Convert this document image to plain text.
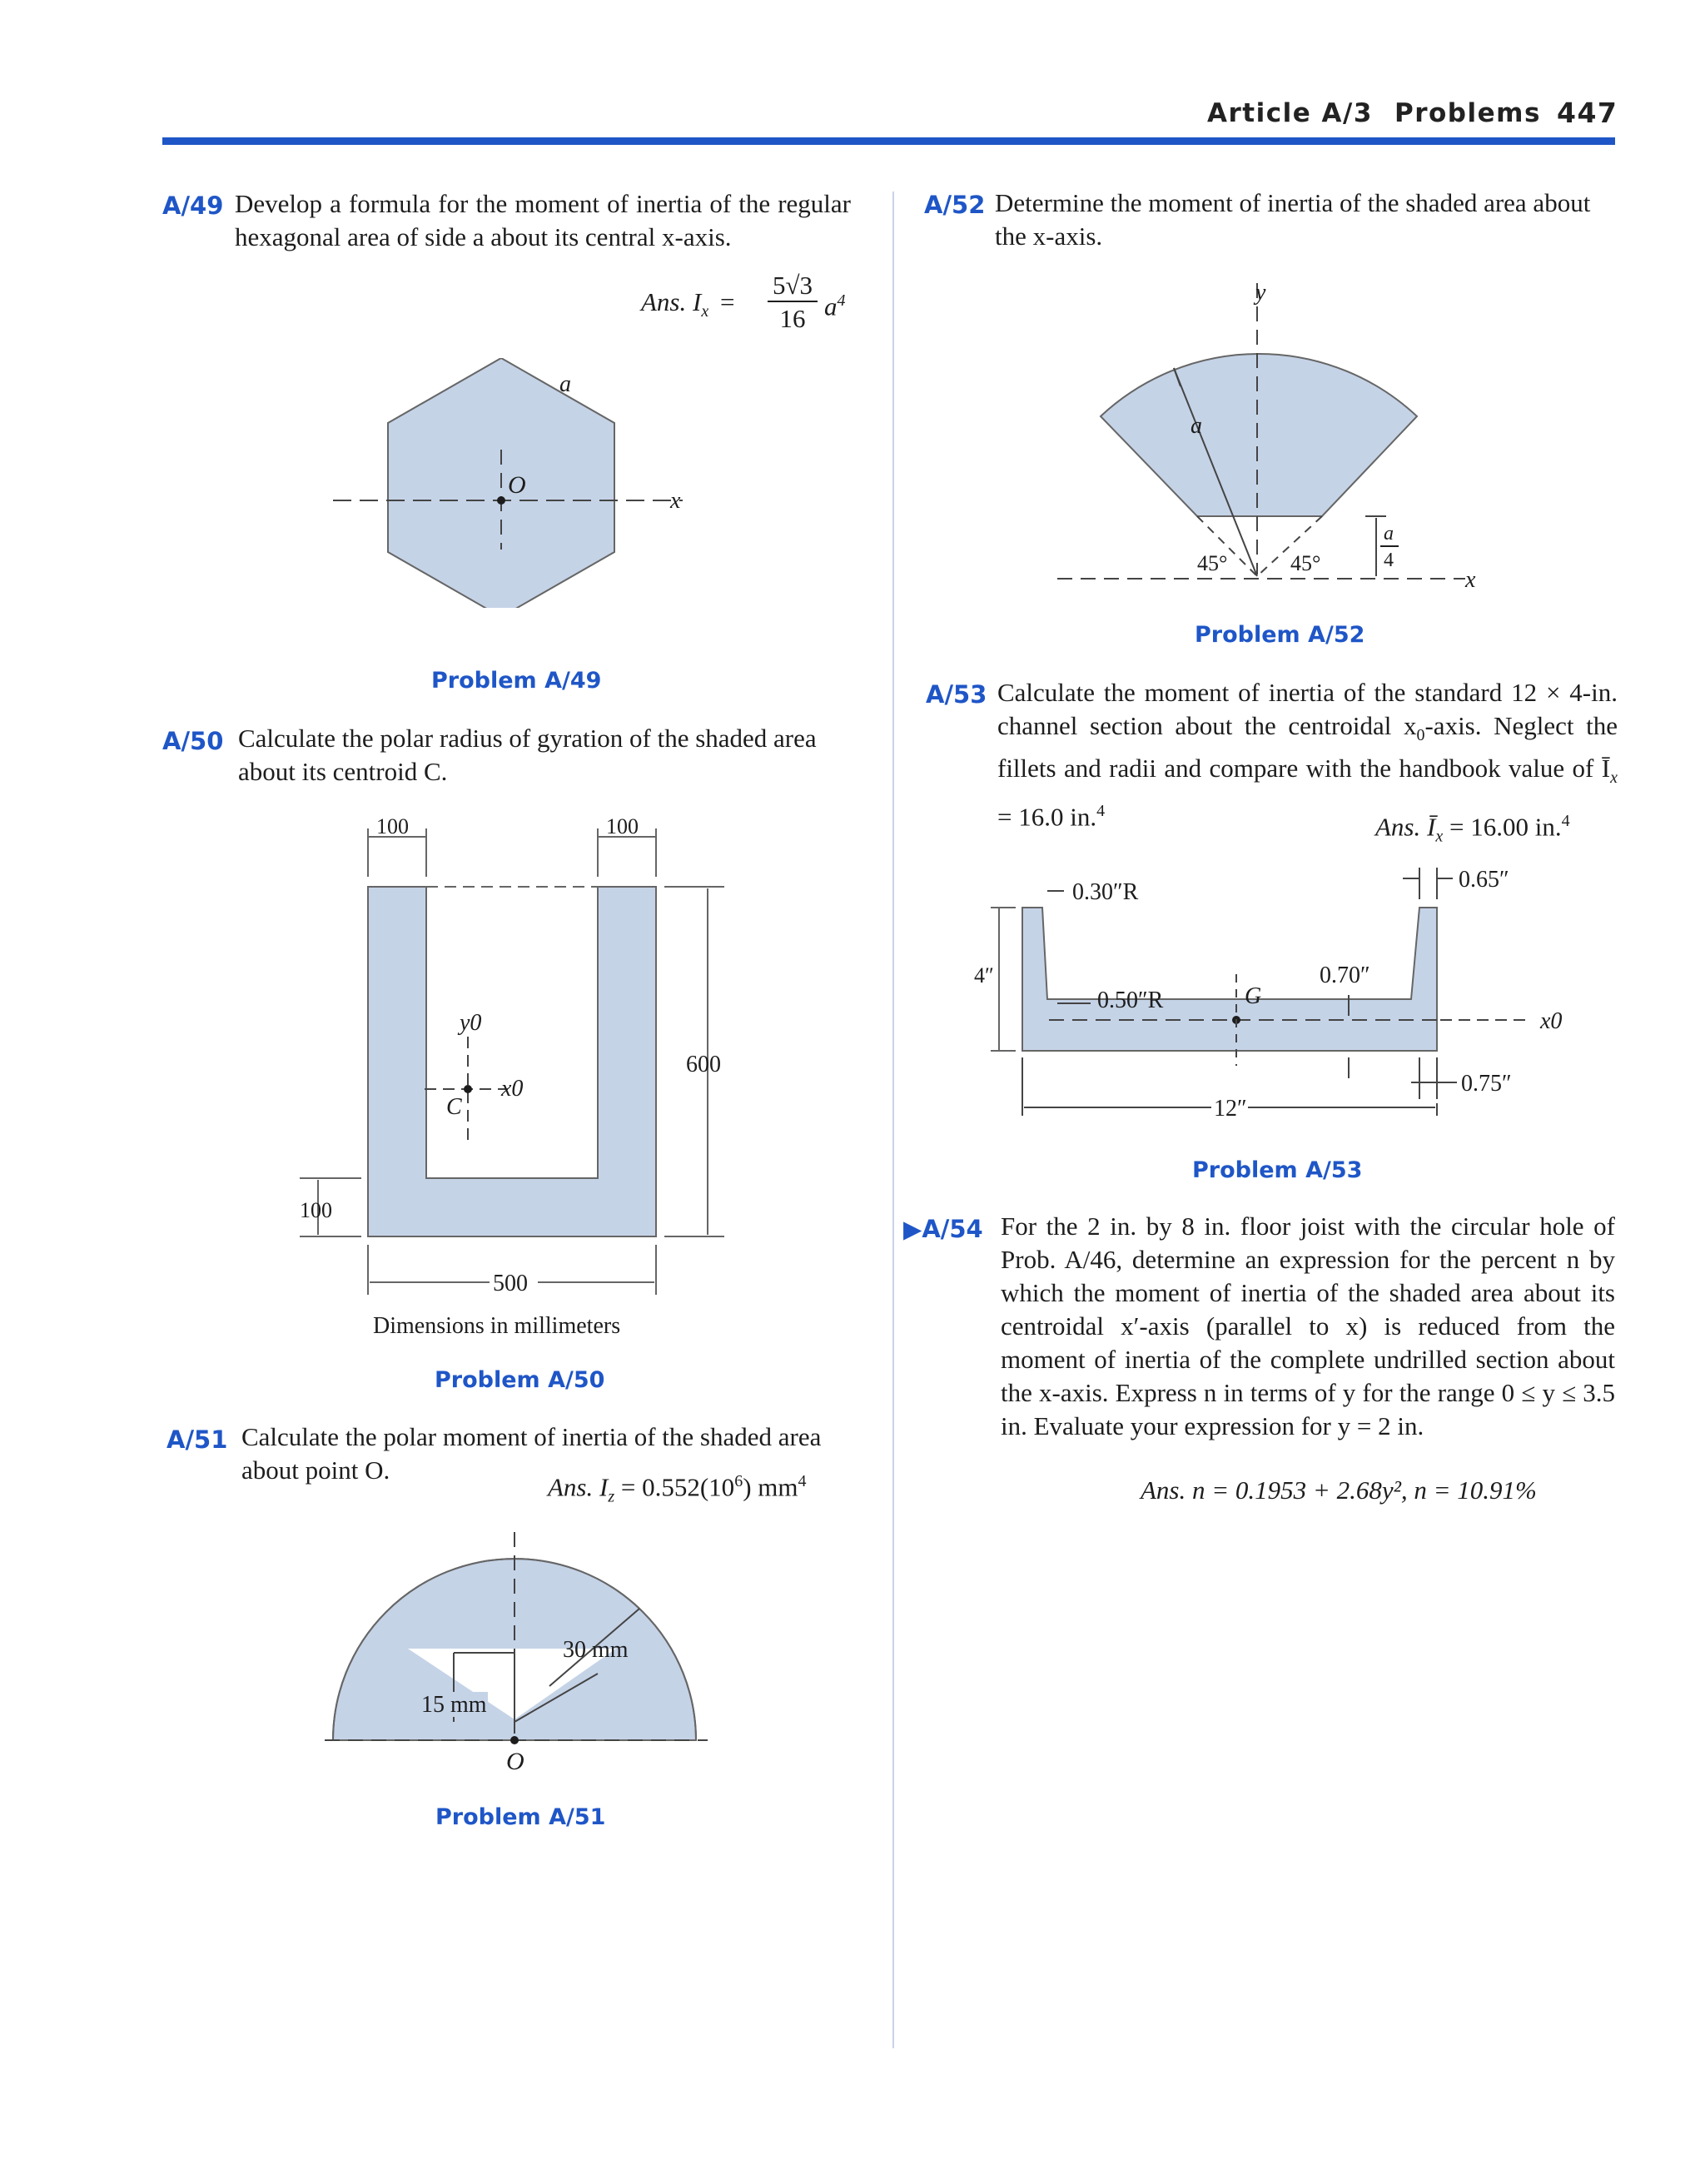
Article A/3 Problems 447
A/49 Develop a formula for the moment of inertia of the regular hexagonal area of side a about its central x-axis.
Ans. $I_x$ =
5√3
16 $a^4$
a
O
x
Problem A/49
A/50 Calculate the polar radius of gyration of the shaded area about its centroid C.
100	100
600
100
500
x0
y0
C
Dimensions in millimeters
Problem A/50
A/51 Calculate the polar moment of inertia of the shaded area about point O.
Ans. $I_z = 0.552(10^6)$ $mm^4$
30 mm
15 mm
O
Problem A/51
A/52 Determine the moment of inertia of the shaded area about the x-axis.
y
a
45°	45°
a
4
x
Problem A/52
A/53 Calculate the moment of inertia of the standard 12 × 4-in. channel section about the centroidal $x_0$-axis. Neglect the fillets and radii and compare with the handbook value of $Ī_x = 16.0$ in.$^4$
Ans. $Ī_x = 16.00$ in.$^4$
4″
0.30″R	0.65″
0.50″R	G
0.70″
x0
0.75″
12″
Problem A/53
▶A/54 For the 2 in. by 8 in. floor joist with the circular hole of Prob. A/46, determine an expression for the percent n by which the moment of inertia of the shaded area about its centroidal x′-axis (parallel to x) is reduced from the moment of inertia of the complete undrilled section about the x-axis. Express n in terms of y for the range 0 ≤ y ≤ 3.5 in. Evaluate your expression for y = 2 in.
Ans. n = 0.1953 + 2.68y², n = 10.91%
